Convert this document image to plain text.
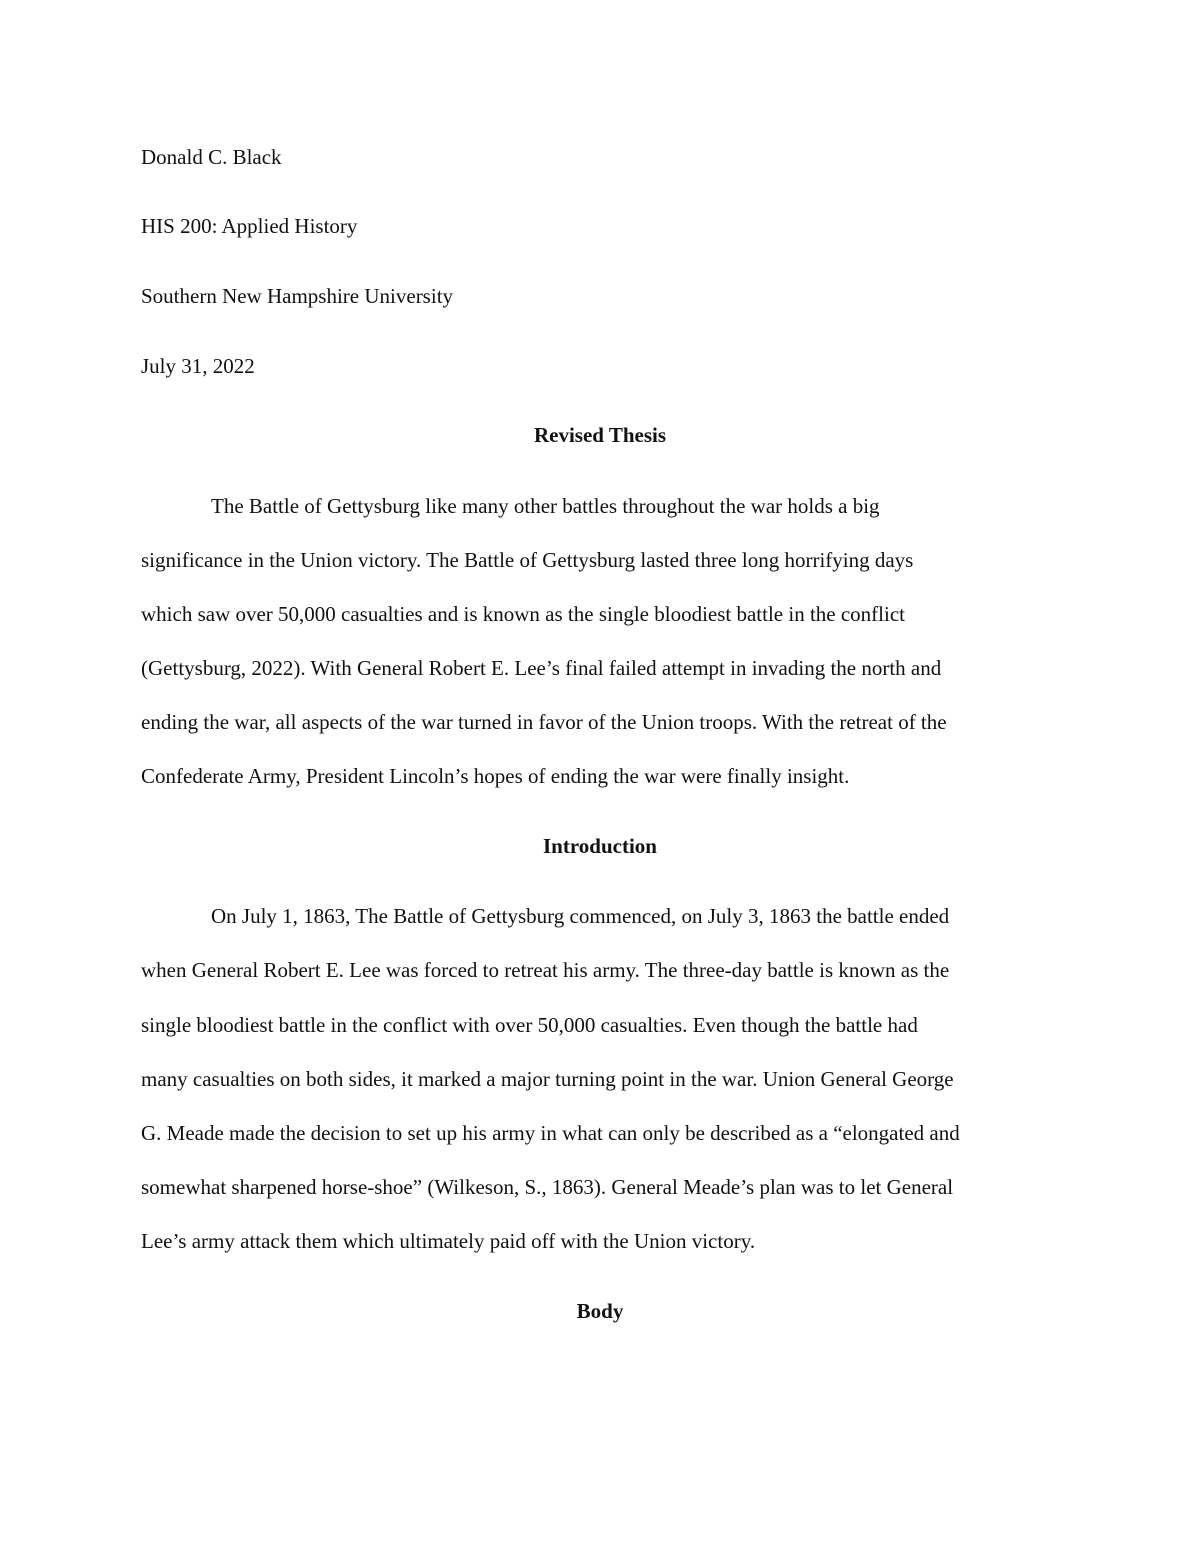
Donald C. Black
HIS 200: Applied History
Southern New Hampshire University
July 31, 2022
Revised Thesis
The Battle of Gettysburg like many other battles throughout the war holds a big
significance in the Union victory. The Battle of Gettysburg lasted three long horrifying days
which saw over 50,000 casualties and is known as the single bloodiest battle in the conflict
(Gettysburg, 2022). With General Robert E. Lee’s final failed attempt in invading the north and
ending the war, all aspects of the war turned in favor of the Union troops. With the retreat of the
Confederate Army, President Lincoln’s hopes of ending the war were finally insight.
Introduction
On July 1, 1863, The Battle of Gettysburg commenced, on July 3, 1863 the battle ended
when General Robert E. Lee was forced to retreat his army. The three-day battle is known as the
single bloodiest battle in the conflict with over 50,000 casualties. Even though the battle had
many casualties on both sides, it marked a major turning point in the war. Union General George
G. Meade made the decision to set up his army in what can only be described as a “elongated and
somewhat sharpened horse-shoe” (Wilkeson, S., 1863). General Meade’s plan was to let General
Lee’s army attack them which ultimately paid off with the Union victory.
Body
